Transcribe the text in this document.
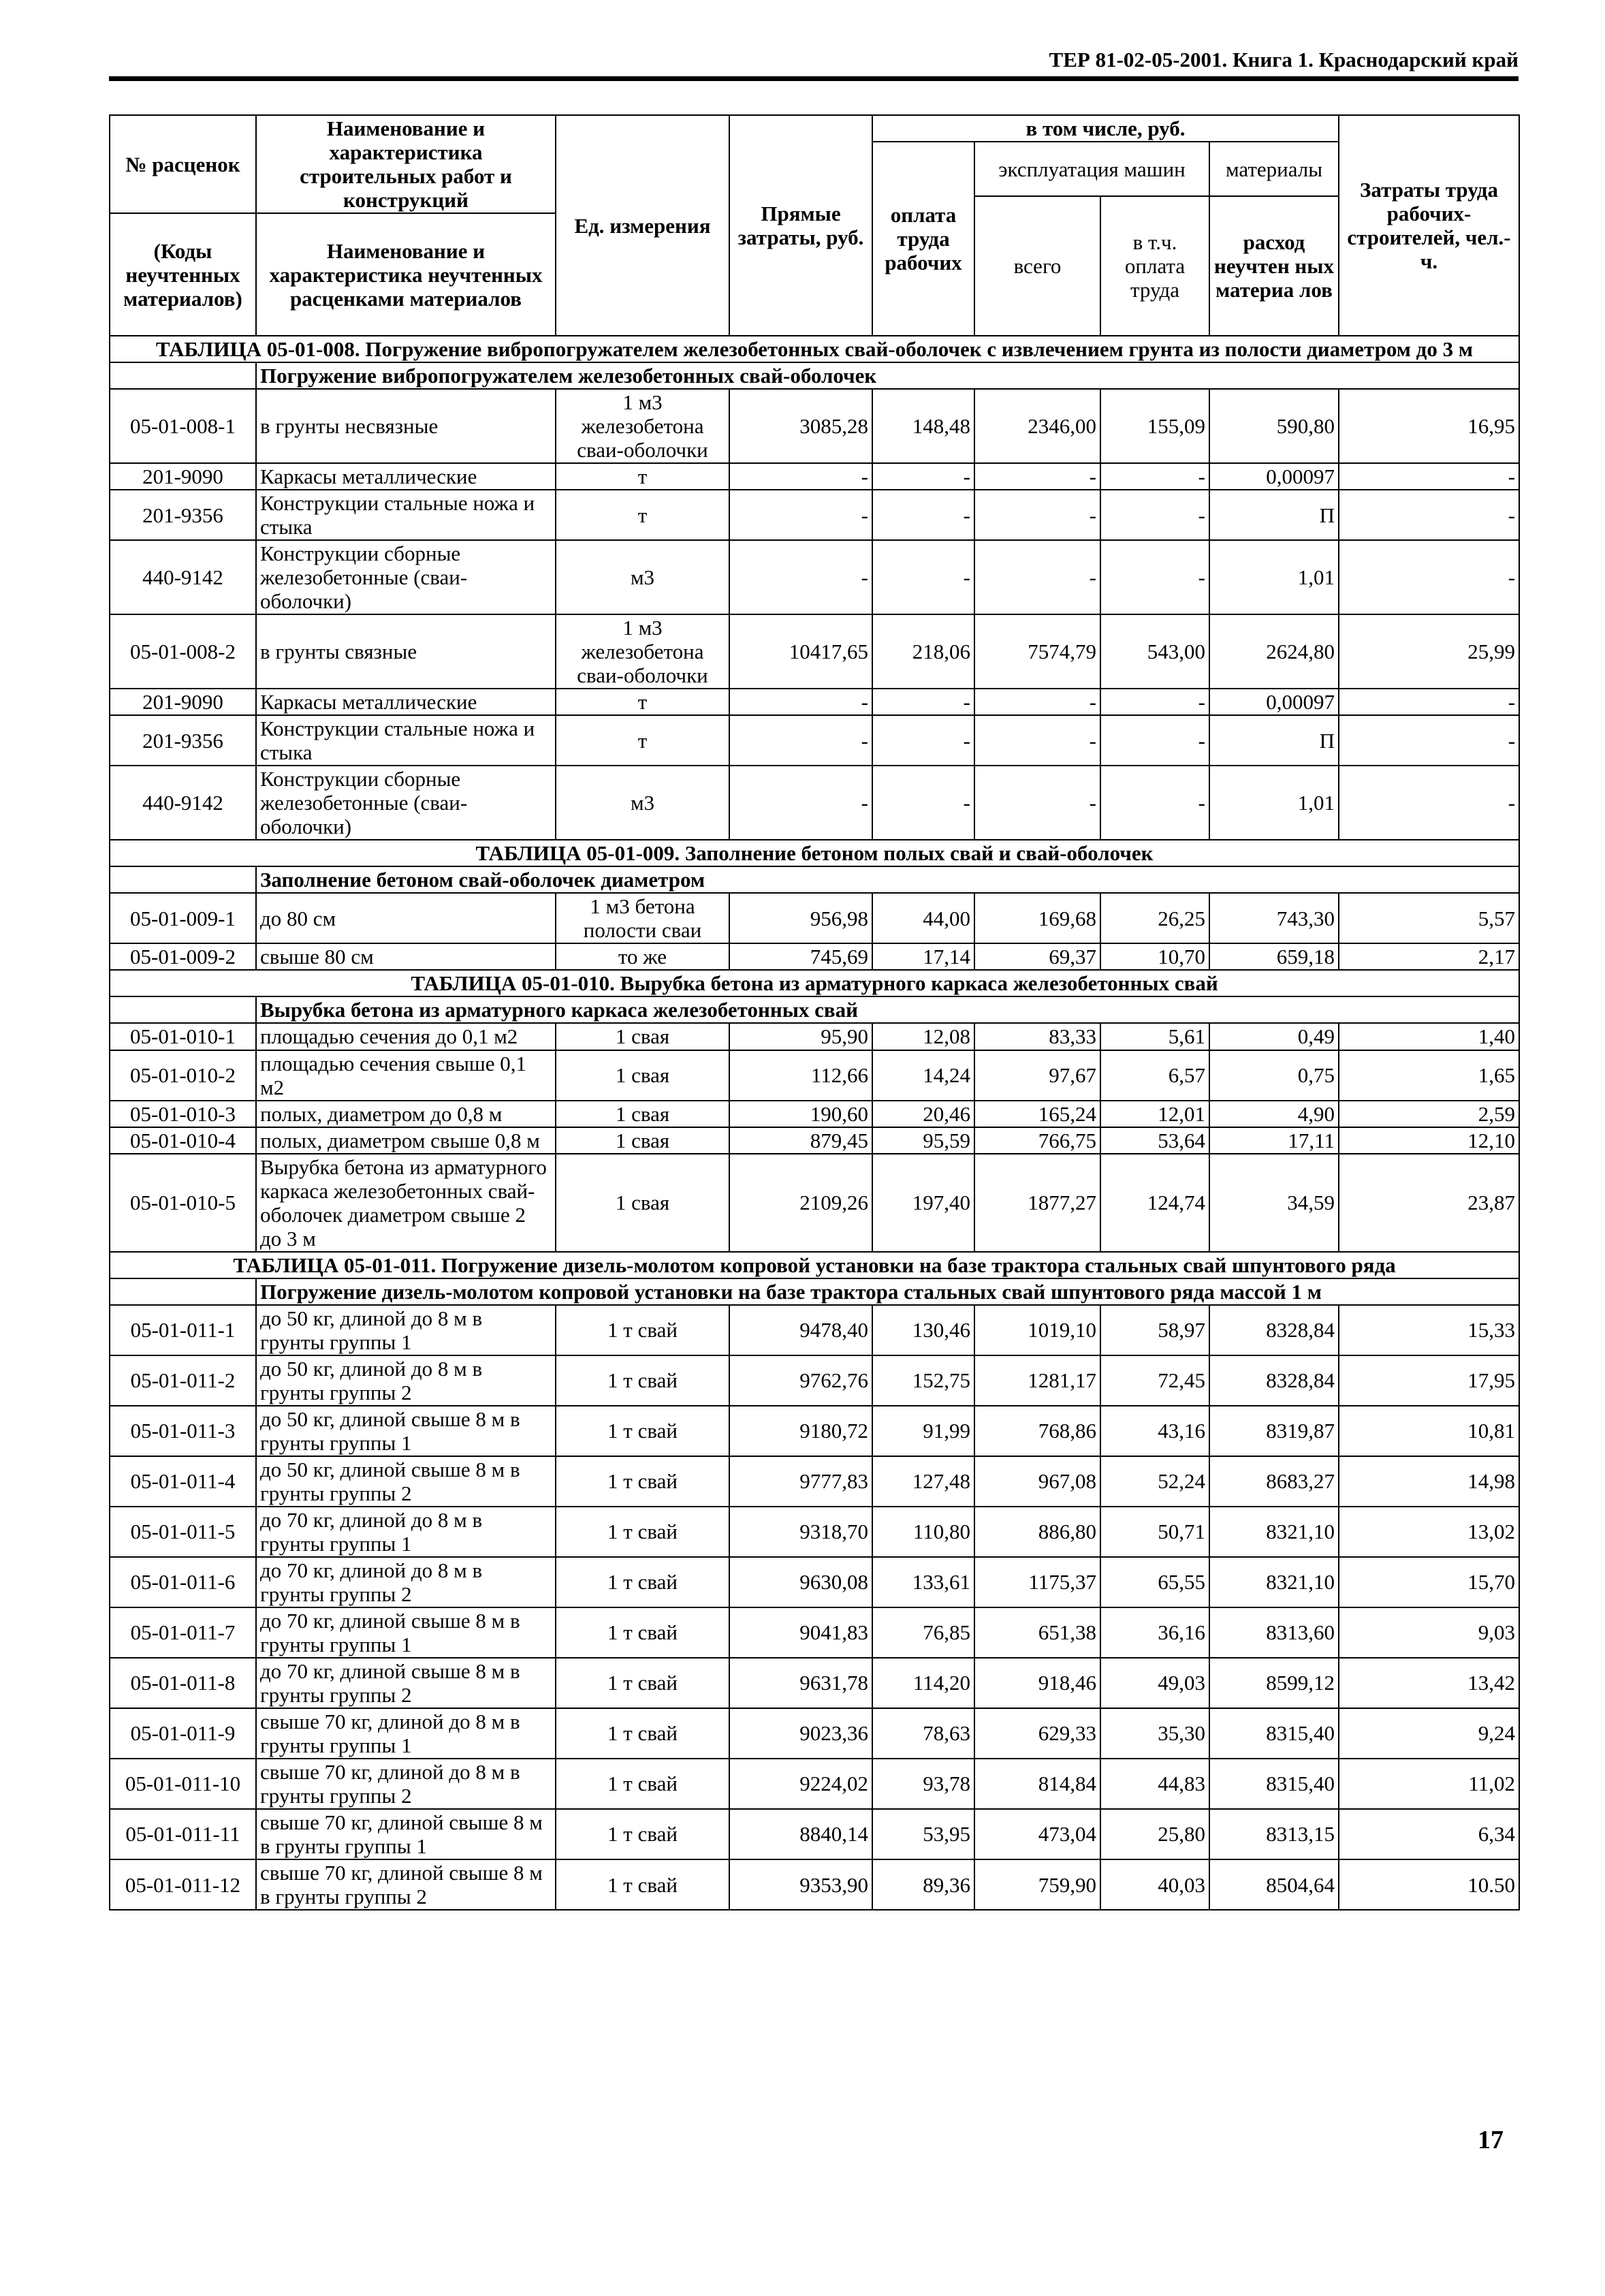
ТЕР 81-02-05-2001. Книга 1. Краснодарский край
№ расценок	Наименование и характеристика строительных работ и конструкций	Ед. измерения	Прямые затраты, руб.	в том числе, руб.				Затраты труда рабочих-строителей, чел.-ч.
				оплата труда рабочих	эксплуатация машин		материалы	
					всего	в т.ч. оплата труда	расход неучтен ных материа лов	
(Коды неучтенных материалов)	Наименование и характеристика неучтенных расценками материалов							

ТАБЛИЦА 05-01-008. Погружение вибропогружателем железобетонных свай-оболочек с извлечением грунта из полости диаметром до 3 м								
	Погружение вибропогружателем железобетонных свай-оболочек							
05-01-008-1	в грунты несвязные	1 м3 железобетона сваи-оболочки	3085,28	148,48	2346,00	155,09	590,80	16,95
201-9090	Каркасы металлические	т	-	-	-	-	0,00097	-
201-9356	Конструкции стальные ножа и стыка	т	-	-	-	-	П	-
440-9142	Конструкции сборные железобетонные (сваи-оболочки)	м3	-	-	-	-	1,01	-
05-01-008-2	в грунты связные	1 м3 железобетона сваи-оболочки	10417,65	218,06	7574,79	543,00	2624,80	25,99
201-9090	Каркасы металлические	т	-	-	-	-	0,00097	-
201-9356	Конструкции стальные ножа и стыка	т	-	-	-	-	П	-
440-9142	Конструкции сборные железобетонные (сваи-оболочки)	м3	-	-	-	-	1,01	-
ТАБЛИЦА 05-01-009. Заполнение бетоном полых свай и свай-оболочек								
	Заполнение бетоном свай-оболочек диаметром							
05-01-009-1	до 80 см	1 м3 бетона полости сваи	956,98	44,00	169,68	26,25	743,30	5,57
05-01-009-2	свыше 80 см	то же	745,69	17,14	69,37	10,70	659,18	2,17
ТАБЛИЦА 05-01-010. Вырубка бетона из арматурного каркаса железобетонных свай								
	Вырубка бетона из арматурного каркаса железобетонных свай							
05-01-010-1	площадью сечения до 0,1 м2	1 свая	95,90	12,08	83,33	5,61	0,49	1,40
05-01-010-2	площадью сечения свыше 0,1 м2	1 свая	112,66	14,24	97,67	6,57	0,75	1,65
05-01-010-3	полых, диаметром до 0,8 м	1 свая	190,60	20,46	165,24	12,01	4,90	2,59
05-01-010-4	полых, диаметром свыше 0,8 м	1 свая	879,45	95,59	766,75	53,64	17,11	12,10
05-01-010-5	Вырубка бетона из арматурного каркаса железобетонных свай-оболочек диаметром свыше 2 до 3 м	1 свая	2109,26	197,40	1877,27	124,74	34,59	23,87
ТАБЛИЦА 05-01-011. Погружение дизель-молотом копровой установки на базе трактора стальных свай шпунтового ряда								
	Погружение дизель-молотом копровой установки на базе трактора стальных свай шпунтового ряда массой 1 м							
05-01-011-1	до 50 кг, длиной до 8 м в грунты группы 1	1 т свай	9478,40	130,46	1019,10	58,97	8328,84	15,33
05-01-011-2	до 50 кг, длиной до 8 м в грунты группы 2	1 т свай	9762,76	152,75	1281,17	72,45	8328,84	17,95
05-01-011-3	до 50 кг, длиной свыше 8 м в грунты группы 1	1 т свай	9180,72	91,99	768,86	43,16	8319,87	10,81
05-01-011-4	до 50 кг, длиной свыше 8 м в грунты группы 2	1 т свай	9777,83	127,48	967,08	52,24	8683,27	14,98
05-01-011-5	до 70 кг, длиной до 8 м в грунты группы 1	1 т свай	9318,70	110,80	886,80	50,71	8321,10	13,02
05-01-011-6	до 70 кг, длиной до 8 м в грунты группы 2	1 т свай	9630,08	133,61	1175,37	65,55	8321,10	15,70
05-01-011-7	до 70 кг, длиной свыше 8 м в грунты группы 1	1 т свай	9041,83	76,85	651,38	36,16	8313,60	9,03
05-01-011-8	до 70 кг, длиной свыше 8 м в грунты группы 2	1 т свай	9631,78	114,20	918,46	49,03	8599,12	13,42
05-01-011-9	свыше 70 кг, длиной до 8 м в грунты группы 1	1 т свай	9023,36	78,63	629,33	35,30	8315,40	9,24
05-01-011-10	свыше 70 кг, длиной до 8 м в грунты группы 2	1 т свай	9224,02	93,78	814,84	44,83	8315,40	11,02
05-01-011-11	свыше 70 кг, длиной свыше 8 м в грунты группы 1	1 т свай	8840,14	53,95	473,04	25,80	8313,15	6,34
05-01-011-12	свыше 70 кг, длиной свыше 8 м в грунты группы 2	1 т свай	9353,90	89,36	759,90	40,03	8504,64	10.50
17
